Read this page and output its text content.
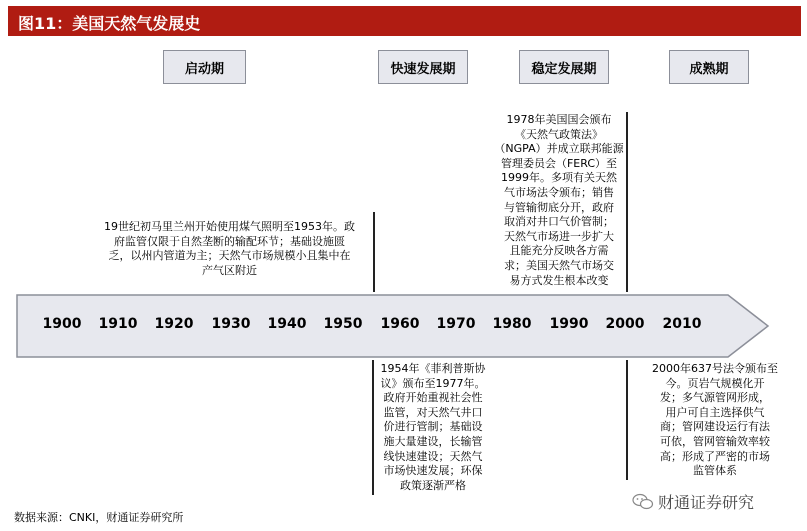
图11：美国天然气发展史
启动期	快速发展期	稳定发展期	成熟期
19世纪初马里兰州开始使用煤气照明至1953年。政
府监管仅限于自然垄断的输配环节；基础设施匮
乏，以州内管道为主；天然气市场规模小且集中在
产气区附近
1978年美国国会颁布
《天然气政策法》
（NGPA）并成立联邦能源
管理委员会（FERC）至
1999年。多项有关天然
气市场法令颁布；销售
与管输彻底分开，政府
取消对井口气价管制；
天然气市场进一步扩大
且能充分反映各方需
求；美国天然气市场交
易方式发生根本改变
1900 1910 1920 1930 1940 1950 1960 1970 1980 1990 2000 2010
1954年《菲利普斯协
议》颁布至1977年。
政府开始重视社会性
监管，对天然气井口
价进行管制；基础设
施大量建设，长输管
线快速建设；天然气
市场快速发展；环保
政策逐渐严格
2000年637号法令颁布至
今。页岩气规模化开
发；多气源管网形成，
用户可自主选择供气
商；管网建设运行有法
可依，管网管输效率较
高；形成了严密的市场
监管体系
财通证券研究
数据来源：CNKI，财通证券研究所
